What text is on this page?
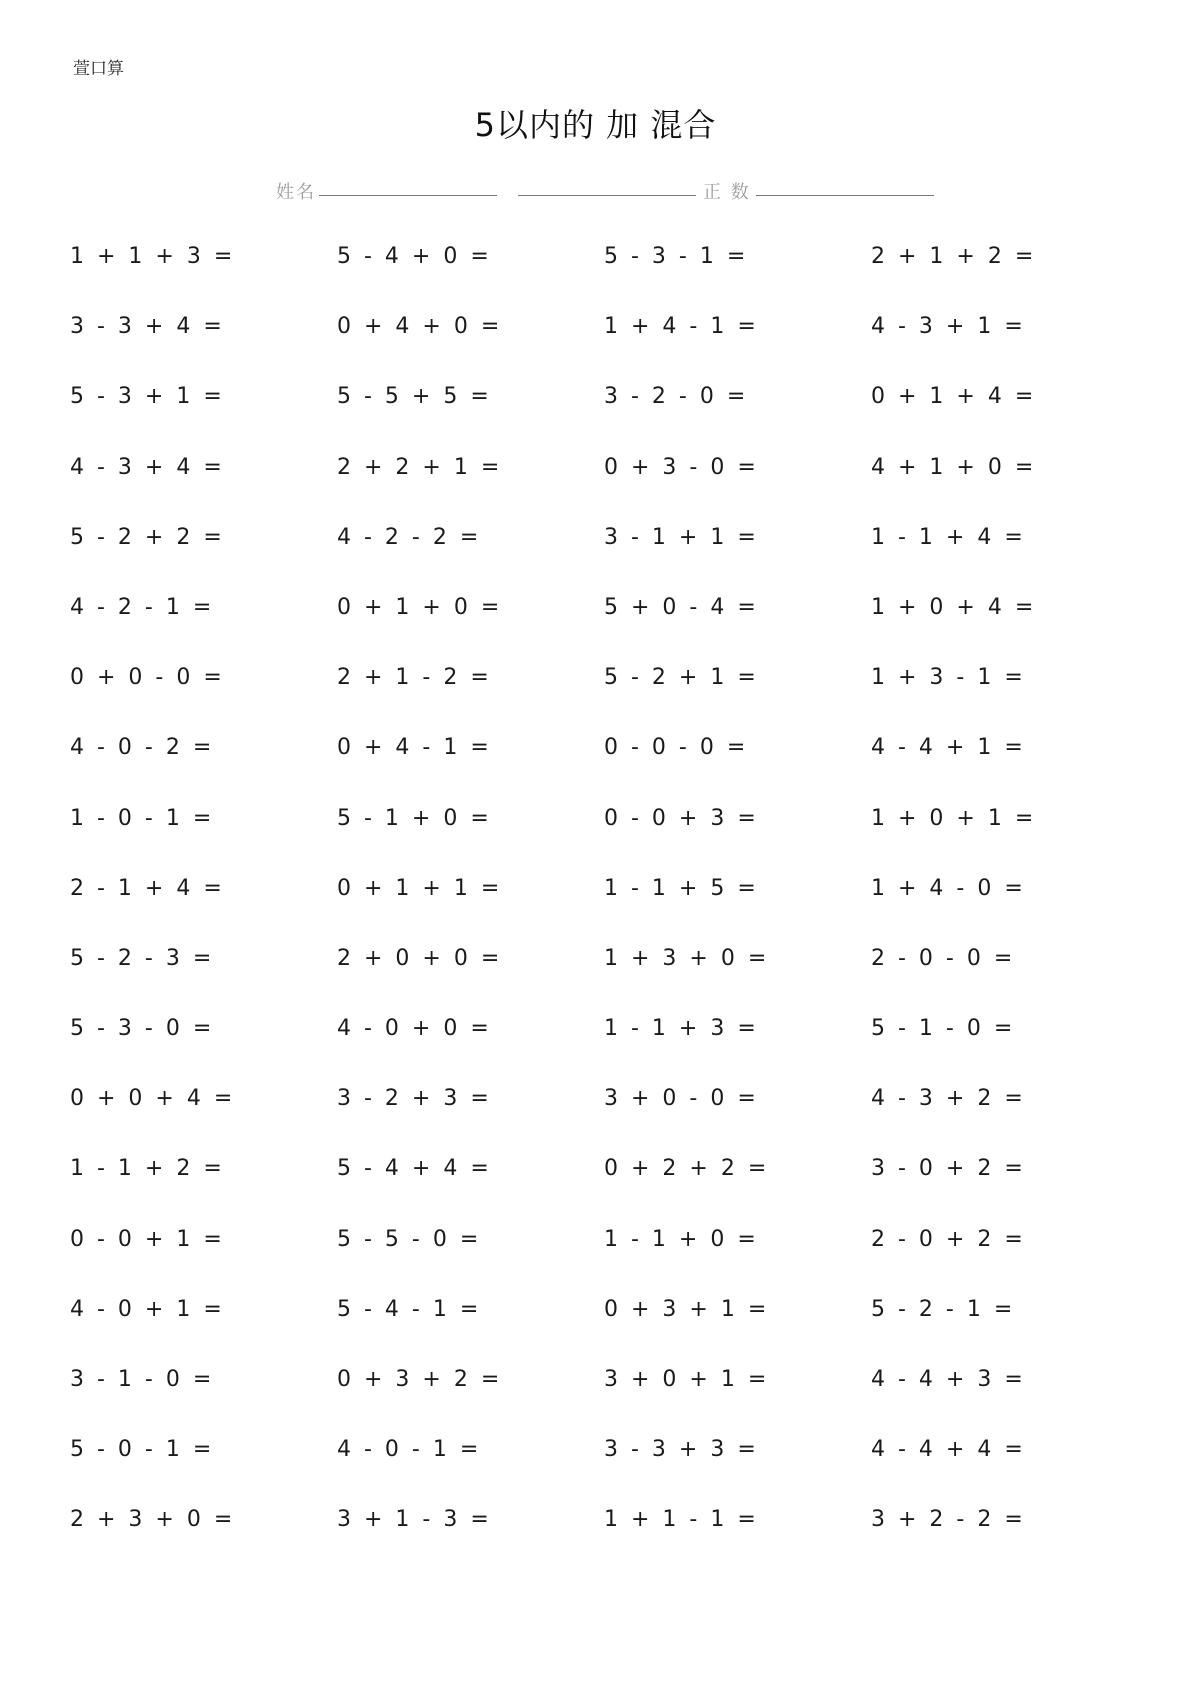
萱口算
5以内的 加 混合
姓名	正 数
1 + 1 + 3 =	5 - 4 + 0 =	5 - 3 - 1 =	2 + 1 + 2 =
3 - 3 + 4 =	0 + 4 + 0 =	1 + 4 - 1 =	4 - 3 + 1 =
5 - 3 + 1 =	5 - 5 + 5 =	3 - 2 - 0 =	0 + 1 + 4 =
4 - 3 + 4 =	2 + 2 + 1 =	0 + 3 - 0 =	4 + 1 + 0 =
5 - 2 + 2 =	4 - 2 - 2 =	3 - 1 + 1 =	1 - 1 + 4 =
4 - 2 - 1 =	0 + 1 + 0 =	5 + 0 - 4 =	1 + 0 + 4 =
0 + 0 - 0 =	2 + 1 - 2 =	5 - 2 + 1 =	1 + 3 - 1 =
4 - 0 - 2 =	0 + 4 - 1 =	0 - 0 - 0 =	4 - 4 + 1 =
1 - 0 - 1 =	5 - 1 + 0 =	0 - 0 + 3 =	1 + 0 + 1 =
2 - 1 + 4 =	0 + 1 + 1 =	1 - 1 + 5 =	1 + 4 - 0 =
5 - 2 - 3 =	2 + 0 + 0 =	1 + 3 + 0 =	2 - 0 - 0 =
5 - 3 - 0 =	4 - 0 + 0 =	1 - 1 + 3 =	5 - 1 - 0 =
0 + 0 + 4 =	3 - 2 + 3 =	3 + 0 - 0 =	4 - 3 + 2 =
1 - 1 + 2 =	5 - 4 + 4 =	0 + 2 + 2 =	3 - 0 + 2 =
0 - 0 + 1 =	5 - 5 - 0 =	1 - 1 + 0 =	2 - 0 + 2 =
4 - 0 + 1 =	5 - 4 - 1 =	0 + 3 + 1 =	5 - 2 - 1 =
3 - 1 - 0 =	0 + 3 + 2 =	3 + 0 + 1 =	4 - 4 + 3 =
5 - 0 - 1 =	4 - 0 - 1 =	3 - 3 + 3 =	4 - 4 + 4 =
2 + 3 + 0 =	3 + 1 - 3 =	1 + 1 - 1 =	3 + 2 - 2 =
